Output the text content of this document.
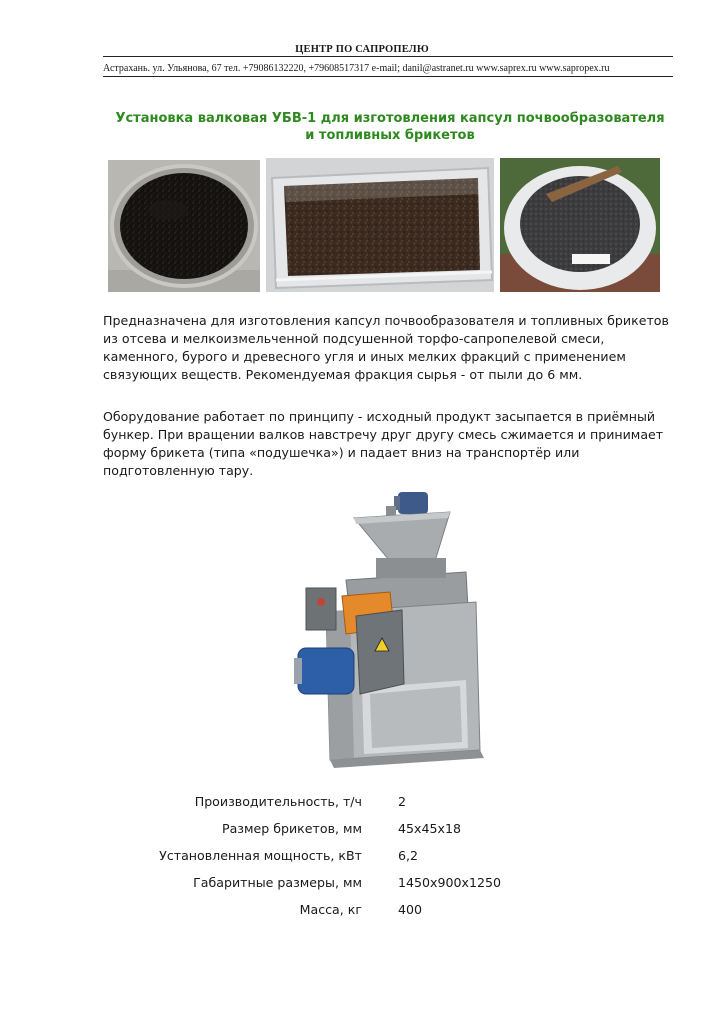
ЦЕНТР ПО САПРОПЕЛЮ
Астрахань. ул. Ульянова, 67 тел. +79086132220, +79608517317 e-mail; danil@astranet.ru www.saprex.ru www.sapropex.ru
Установка валковая УБВ-1 для изготовления капсул почвообразователя
и топливных брикетов
Предназначена для изготовления капсул почвообразователя и топливных брикетов из отсева и мелкоизмельченной подсушенной торфо-сапропелевой смеси, каменного, бурого и древесного угля и иных мелких фракций с применением связующих веществ. Рекомендуемая фракция сырья - от пыли до 6 мм.
Оборудование работает по принципу - исходный продукт засыпается в приёмный бункер. При вращении валков навстречу друг другу смесь сжимается и принимает форму брикета (типа «подушечка») и падает вниз на транспортёр или подготовленную тару.
Производительность, т/ч	2
Размер брикетов, мм	45х45х18
Установленная мощность, кВт	6,2
Габаритные размеры, мм	1450х900х1250
Масса, кг	400
